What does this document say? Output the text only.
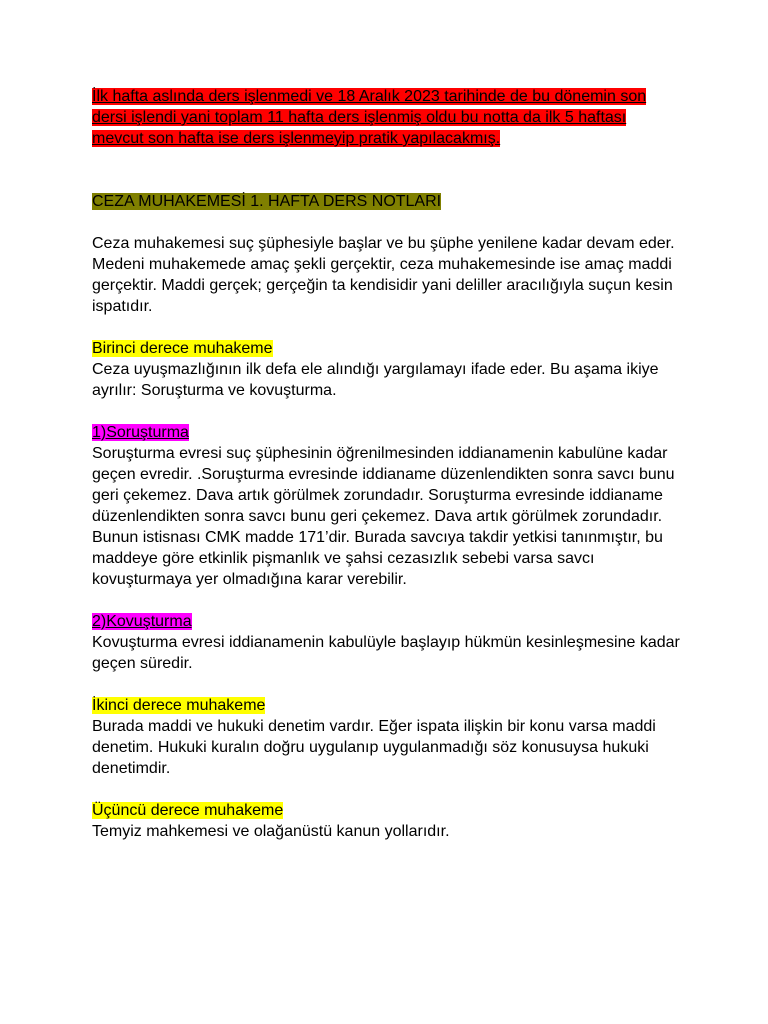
İlk hafta aslında ders işlenmedi ve 18 Aralık 2023 tarihinde de bu dönemin son dersi işlendi yani toplam 11 hafta ders işlenmiş oldu bu notta da ilk 5 haftası mevcut son hafta ise ders işlenmeyip pratik yapılacakmış.

CEZA MUHAKEMESİ 1. HAFTA DERS NOTLARI

Ceza muhakemesi suç şüphesiyle başlar ve bu şüphe yenilene kadar devam eder. Medeni muhakemede amaç şekli gerçektir, ceza muhakemesinde ise amaç maddi gerçektir. Maddi gerçek; gerçeğin ta kendisidir yani deliller aracılığıyla suçun kesin ispatıdır.

Birinci derece muhakeme

Ceza uyuşmazlığının ilk defa ele alındığı yargılamayı ifade eder. Bu aşama ikiye ayrılır: Soruşturma ve kovuşturma.

1)Soruşturma

Soruşturma evresi suç şüphesinin öğrenilmesinden iddianamenin kabulüne kadar geçen evredir. .Soruşturma evresinde iddianame düzenlendikten sonra savcı bunu geri çekemez. Dava artık görülmek zorundadır. Soruşturma evresinde iddianame düzenlendikten sonra savcı bunu geri çekemez. Dava artık görülmek zorundadır. Bunun istisnası CMK madde 171’dir. Burada savcıya takdir yetkisi tanınmıştır, bu maddeye göre etkinlik pişmanlık ve şahsi cezasızlık sebebi varsa savcı kovuşturmaya yer olmadığına karar verebilir.

2)Kovuşturma

Kovuşturma evresi iddianamenin kabulüyle başlayıp hükmün kesinleşmesine kadar geçen süredir.

İkinci derece muhakeme

Burada maddi ve hukuki denetim vardır. Eğer ispata ilişkin bir konu varsa maddi denetim. Hukuki kuralın doğru uygulanıp uygulanmadığı söz konusuysa hukuki denetimdir.

Üçüncü derece muhakeme

Temyiz mahkemesi ve olağanüstü kanun yollarıdır.
